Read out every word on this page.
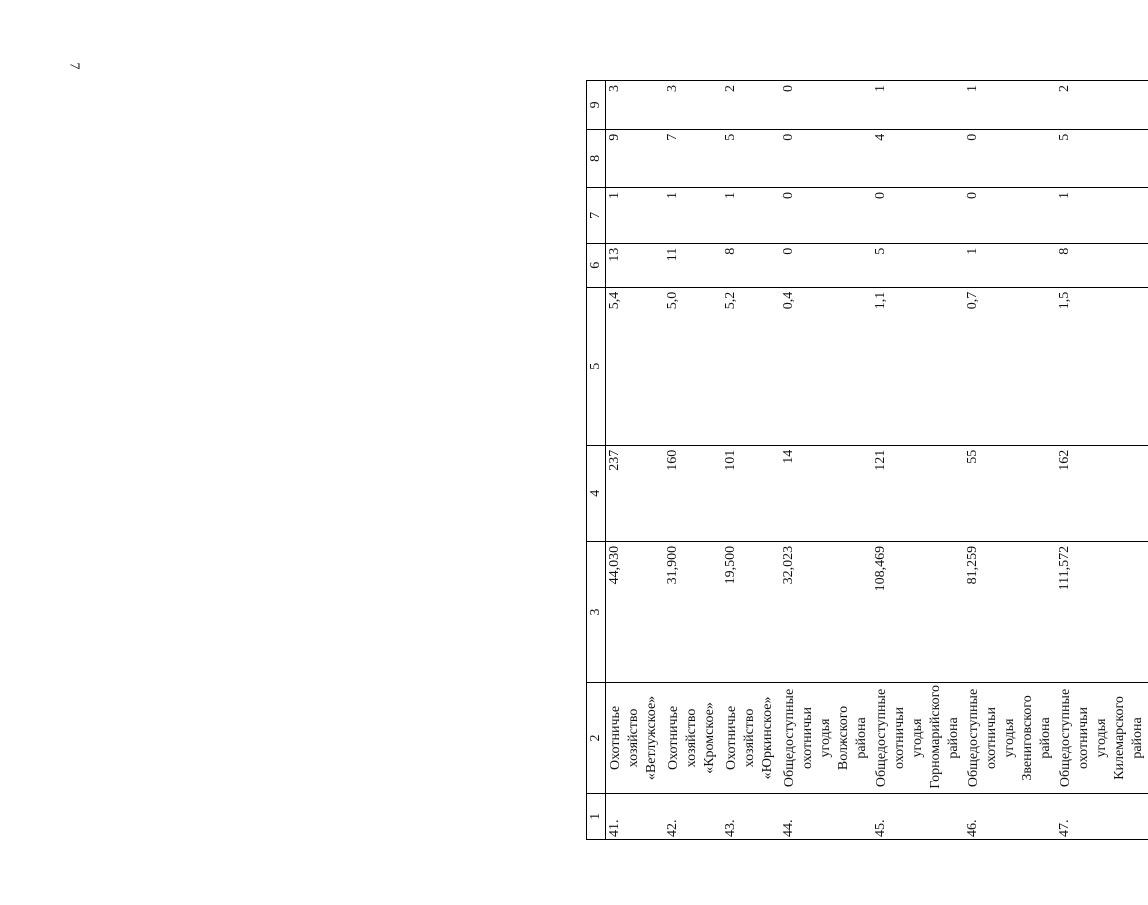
7
1	2	3	4	5	6	7	8	9
41.	Охотничье хозяйство «Ветлужское»	44,030	237	5,4	13	1	9	3
42.	Охотничье хозяйство «Кромское»	31,900	160	5,0	11	1	7	3
43.	Охотничье хозяйство «Юркинское»	19,500	101	5,2	8	1	5	2
44.	Общедоступные охотничьи угодья Волжского района	32,023	14	0,4	0	0	0	0
45.	Общедоступные охотничьи угодья Горномарийского района	108,469	121	1,1	5	0	4	1
46.	Общедоступные охотничьи угодья Звениговского района	81,259	55	0,7	1	0	0	1
47.	Общедоступные охотничьи угодья Килемарского района	111,572	162	1,5	8	1	5	2
